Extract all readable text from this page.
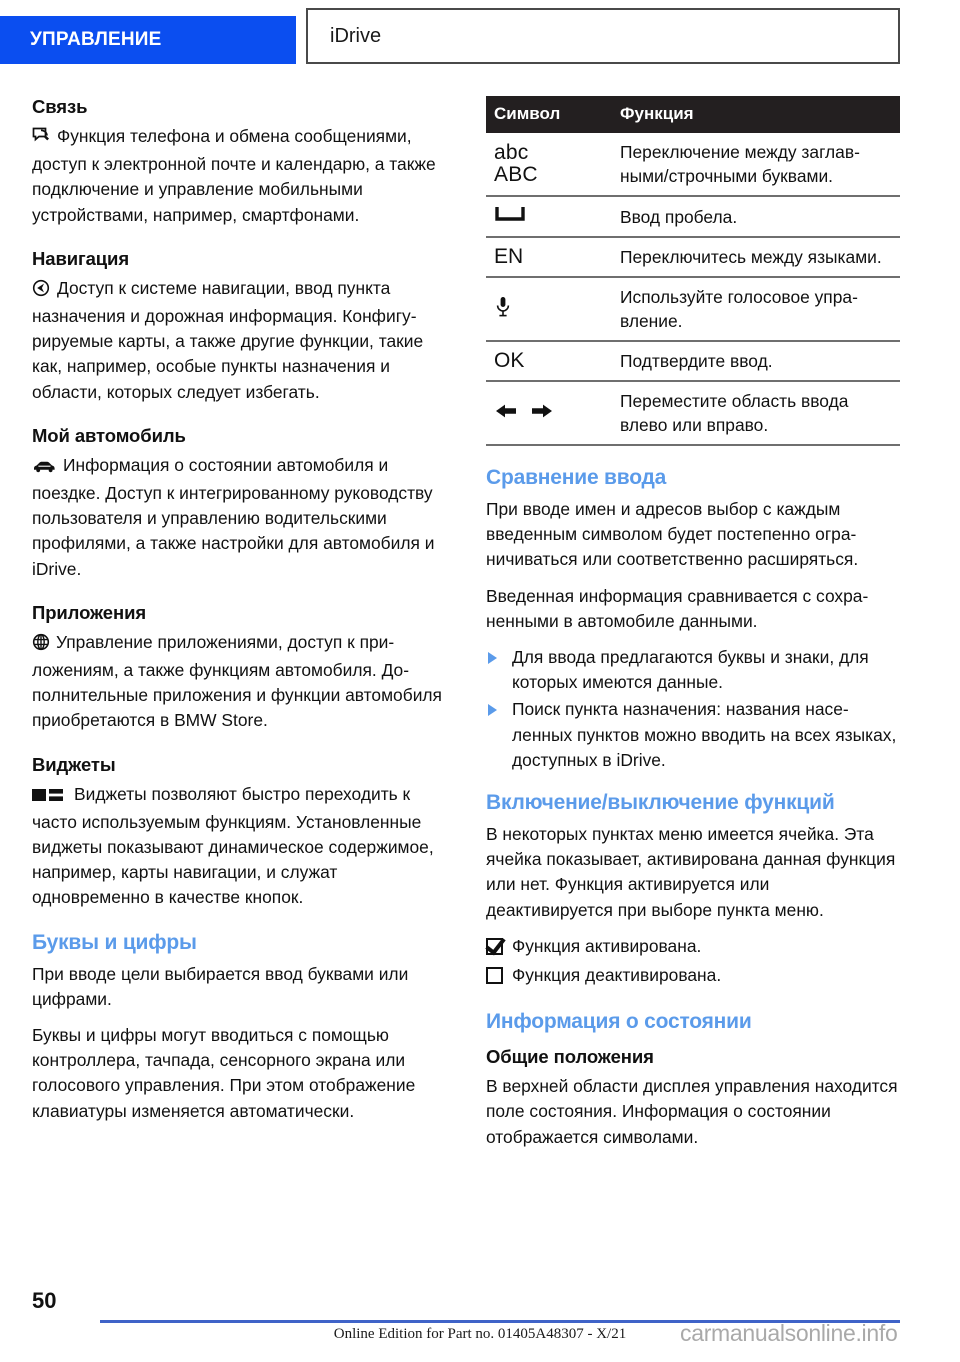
УПРАВЛЕНИЕ	iDrive
Связь

Функция телефона и обмена сообщениями, доступ к электронной почте и календарю, а также подключение и управление мобильными устройствами, например, смартфонами.

Навигация

Доступ к системе навигации, ввод пункта назначения и дорожная информация. Конфигурируемые карты, а также другие функции, такие как, например, особые пункты назначения и области, которых следует избегать.

Мой автомобиль

Информация о состоянии автомобиля и поездке. Доступ к интегрированному руководству пользователя и управлению водительскими профилями, а также настройки для автомобиля и iDrive.

Приложения

Управление приложениями, доступ к приложениям, а также функциям автомобиля. Дополнительные приложения и функции автомобиля приобретаются в BMW Store.

Виджеты

Виджеты позволяют быстро переходить к часто используемым функциям. Установленные виджеты показывают динамическое содержимое, например, карты навигации, и служат одновременно в качестве кнопок.

Буквы и цифры

При вводе цели выбирается ввод буквами или цифрами.

Буквы и цифры могут вводиться с помощью контроллера, тачпада, сенсорного экрана или голосового управления. При этом отображение клавиатуры изменяется автоматически.

Символ	Функция

abc
ABC	Переключение между заглавными/строчными буквами.
	Ввод пробела.
EN	Переключитесь между языками.
	Используйте голосовое управление.
OK	Подтвердите ввод.
	Переместите область ввода влево или вправо.
Сравнение ввода

При вводе имен и адресов выбор с каждым введенным символом будет постепенно ограничиваться или соответственно расширяться.

Введенная информация сравнивается с сохраненными в автомобиле данными.

Для ввода предлагаются буквы и знаки, для которых имеются данные.
Поиск пункта назначения: названия населенных пунктов можно вводить на всех языках, доступных в iDrive.
Включение/выключение функций

В некоторых пунктах меню имеется ячейка. Эта ячейка показывает, активирована данная функция или нет. Функция активируется или деактивируется при выборе пункта меню.

Функция активирована.
Функция деактивирована.
Информация о состоянии
Общие положения

В верхней области дисплея управления находится поле состояния. Информация о состоянии отображается символами.

50
Online Edition for Part no. 01405A48307 - X/21	carmanualsonline.info
